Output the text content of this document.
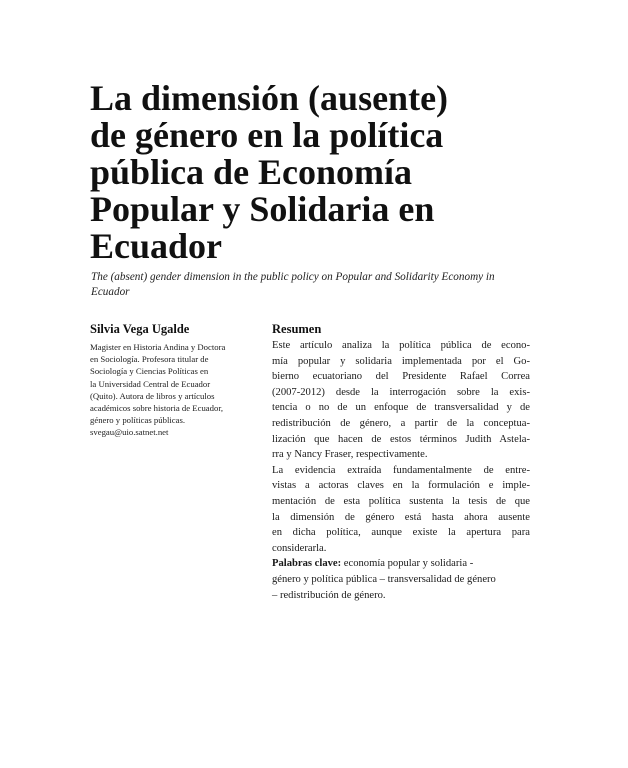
La dimensión (ausente)
de género en la política
pública de Economía
Popular y Solidaria en
Ecuador

The (absent) gender dimension in the public policy on Popular and Solidarity Economy in
Ecuador

Silvia Vega Ugalde

Magister en Historia Andina y Doctora
en Sociología. Profesora titular de
Sociología y Ciencias Políticas en
la Universidad Central de Ecuador
(Quito). Autora de libros y artículos
académicos sobre historia de Ecuador,
género y políticas públicas.
svegau@uio.satnet.net

Resumen

Este artículo analiza la política pública de econo-
mía popular y solidaria implementada por el Go-
bierno ecuatoriano del Presidente Rafael Correa
(2007-2012) desde la interrogación sobre la exis-
tencia o no de un enfoque de transversalidad y de
redistribución de género, a partir de la conceptua-
lización que hacen de estos términos Judith Astela-
rra y Nancy Fraser, respectivamente.
La evidencia extraída fundamentalmente de entre-
vistas a actoras claves en la formulación e imple-
mentación de esta política sustenta la tesis de que
la dimensión de género está hasta ahora ausente
en dicha política, aunque existe la apertura para
considerarla.
Palabras clave: economía popular y solidaria -
género y política pública – transversalidad de género
– redistribución de género.
